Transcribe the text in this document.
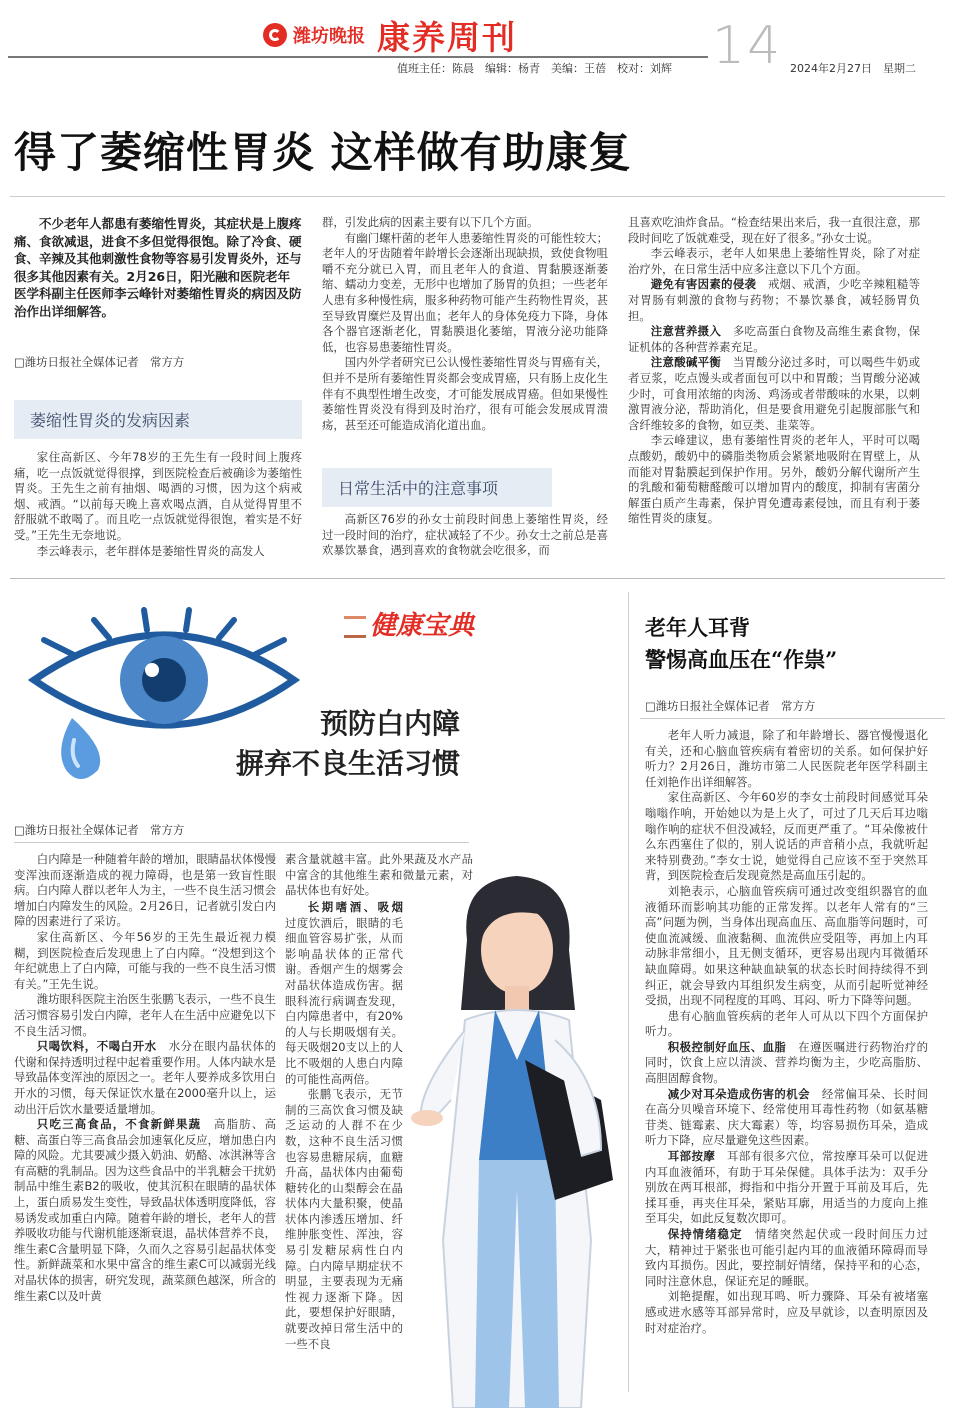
潍坊晚报 康养周刊	14
值班主任：陈晨　编辑：杨青　美编：王蓓　校对：刘辉	2024年2月27日　星期二
得了萎缩性胃炎 这样做有助康复

不少老年人都患有萎缩性胃炎，其症状是上腹疼痛、食欲减退，进食不多但觉得很饱。除了冷食、硬食、辛辣及其他刺激性食物等容易引发胃炎外，还与很多其他因素有关。2月26日，阳光融和医院老年医学科副主任医师李云峰针对萎缩性胃炎的病因及防治作出详细解答。

□潍坊日报社全媒体记者　常方方
萎缩性胃炎的发病因素

家住高新区、今年78岁的王先生有一段时间上腹疼痛，吃一点饭就觉得很撑，到医院检查后被确诊为萎缩性胃炎。王先生之前有抽烟、喝酒的习惯，因为这个病戒烟、戒酒。“以前每天晚上喜欢喝点酒，自从觉得胃里不舒服就不敢喝了。而且吃一点饭就觉得很饱，着实是不好受。”王先生无奈地说。

李云峰表示，老年群体是萎缩性胃炎的高发人

群，引发此病的因素主要有以下几个方面。

有幽门螺杆菌的老年人患萎缩性胃炎的可能性较大；老年人的牙齿随着年龄增长会逐渐出现缺损，致使食物咀嚼不充分就已入胃，而且老年人的食道、胃黏膜逐渐萎缩、蠕动力变差，无形中也增加了肠胃的负担；一些老年人患有多种慢性病，服多种药物可能产生药物性胃炎，甚至导致胃糜烂及胃出血；老年人的身体免疫力下降，身体各个器官逐渐老化，胃黏膜退化萎缩，胃液分泌功能降低，也容易患萎缩性胃炎。

国内外学者研究已公认慢性萎缩性胃炎与胃癌有关，但并不是所有萎缩性胃炎都会变成胃癌，只有肠上皮化生伴有不典型性增生改变，才可能发展成胃癌。但如果慢性萎缩性胃炎没有得到及时治疗，很有可能会发展成胃溃疡，甚至还可能造成消化道出血。

日常生活中的注意事项

高新区76岁的孙女士前段时间患上萎缩性胃炎，经过一段时间的治疗，症状减轻了不少。孙女士之前总是喜欢暴饮暴食，遇到喜欢的食物就会吃很多，而

且喜欢吃油炸食品。“检查结果出来后，我一直很注意，那段时间吃了饭就难受，现在好了很多。”孙女士说。

李云峰表示，老年人如果患上萎缩性胃炎，除了对症治疗外，在日常生活中应多注意以下几个方面。

避免有害因素的侵袭　 戒烟、戒酒，少吃辛辣粗糙等对胃肠有刺激的食物与药物；不暴饮暴食，减轻肠胃负担。

注意营养摄入　 多吃高蛋白食物及高维生素食物，保证机体的各种营养素充足。

注意酸碱平衡　 当胃酸分泌过多时，可以喝些牛奶或者豆浆，吃点馒头或者面包可以中和胃酸；当胃酸分泌减少时，可食用浓缩的肉汤、鸡汤或者带酸味的水果，以刺激胃液分泌，帮助消化，但是要食用避免引起腹部胀气和含纤维较多的食物，如豆类、韭菜等。

李云峰建议，患有萎缩性胃炎的老年人，平时可以喝点酸奶，酸奶中的磷脂类物质会紧紧地吸附在胃壁上，从而能对胃黏膜起到保护作用。另外，酸奶分解代谢所产生的乳酸和葡萄糖醛酸可以增加胃内的酸度，抑制有害菌分解蛋白质产生毒素，保护胃免遭毒素侵蚀，而且有利于萎缩性胃炎的康复。

健康宝典
预防白内障
摒弃不良生活习惯
□潍坊日报社全媒体记者　常方方

白内障是一种随着年龄的增加，眼睛晶状体慢慢变浑浊而逐渐造成的视力障碍，也是第一致盲性眼病。白内障人群以老年人为主，一些不良生活习惯会增加白内障发生的风险。2月26日，记者就引发白内障的因素进行了采访。

家住高新区、今年56岁的王先生最近视力模糊，到医院检查后发现患上了白内障。“没想到这个年纪就患上了白内障，可能与我的一些不良生活习惯有关。”王先生说。

潍坊眼科医院主治医生张鹏飞表示，一些不良生活习惯容易引发白内障，老年人在生活中应避免以下不良生活习惯。

只喝饮料，不喝白开水　 水分在眼内晶状体的代谢和保持透明过程中起着重要作用。人体内缺水是导致晶体变浑浊的原因之一。老年人要养成多饮用白开水的习惯，每天保证饮水量在2000毫升以上，运动出汗后饮水量要适量增加。

只吃三高食品，不食新鲜果蔬　 高脂肪、高糖、高蛋白等三高食品会加速氧化反应，增加患白内障的风险。尤其要减少摄入奶油、奶酪、冰淇淋等含有高糖的乳制品。因为这些食品中的半乳糖会干扰奶制品中维生素B2的吸收，使其沉积在眼睛的晶状体上，蛋白质易发生变性，导致晶状体透明度降低，容易诱发或加重白内障。随着年龄的增长，老年人的营养吸收功能与代谢机能逐渐衰退，晶状体营养不良，维生素C含量明显下降，久而久之容易引起晶状体变性。新鲜蔬菜和水果中富含的维生素C可以减弱光线对晶状体的损害，研究发现，蔬菜颜色越深，所含的维生素C以及叶黄

素含量就越丰富。此外果蔬及水产品中富含的其他维生素和微量元素，对晶状体也有好处。

长期嗜酒、吸烟　过度饮酒后，眼睛的毛细血管容易扩张，从而影响晶状体的正常代谢。香烟产生的烟雾会对晶状体造成伤害。据眼科流行病调查发现，白内障患者中，有20%的人与长期吸烟有关。每天吸烟20支以上的人比不吸烟的人患白内障的可能性高两倍。

张鹏飞表示，无节制的三高饮食习惯及缺乏运动的人群不在少数，这种不良生活习惯也容易患糖尿病，血糖升高，晶状体内由葡萄糖转化的山梨醇会在晶状体内大量积聚，使晶状体内渗透压增加、纤维肿胀变性、浑浊，容易引发糖尿病性白内障。白内障早期症状不明显，主要表现为无痛性视力逐渐下降。因此，要想保护好眼睛，就要改掉日常生活中的一些不良

老年人耳背
警惕高血压在“作祟”
□潍坊日报社全媒体记者　常方方

老年人听力减退，除了和年龄增长、器官慢慢退化有关，还和心脑血管疾病有着密切的关系。如何保护好听力？2月26日，潍坊市第二人民医院老年医学科副主任刘艳作出详细解答。

家住高新区、今年60岁的李女士前段时间感觉耳朵嗡嗡作响，开始她以为是上火了，可过了几天后耳边嗡嗡作响的症状不但没减轻，反而更严重了。“耳朵像被什么东西塞住了似的，别人说话的声音稍小点，我就听起来特别费劲。”李女士说，她觉得自己应该不至于突然耳背，到医院检查后发现竟然是高血压引起的。

刘艳表示，心脑血管疾病可通过改变组织器官的血液循环而影响其功能的正常发挥。以老年人常有的“三高”问题为例，当身体出现高血压、高血脂等问题时，可使血流减缓、血液黏稠、血流供应受阻等，再加上内耳动脉非常细小，且无侧支循环，更容易出现内耳微循环缺血障碍。如果这种缺血缺氧的状态长时间持续得不到纠正，就会导致内耳组织发生病变，从而引起听觉神经受损，出现不同程度的耳鸣、耳闷、听力下降等问题。

患有心脑血管疾病的老年人可从以下四个方面保护听力。

积极控制好血压、血脂　 在遵医嘱进行药物治疗的同时，饮食上应以清淡、营养均衡为主，少吃高脂肪、高胆固醇食物。

减少对耳朵造成伤害的机会　 经常偏耳朵、长时间在高分贝噪音环境下、经常使用耳毒性药物（如氨基糖苷类、链霉素、庆大霉素）等，均容易损伤耳朵，造成听力下降，应尽量避免这些因素。

耳部按摩　 耳部有很多穴位，常按摩耳朵可以促进内耳血液循环，有助于耳朵保健。具体手法为：双手分别放在两耳根部，拇指和中指分开置于耳前及耳后，先揉耳垂，再夹住耳朵，紧贴耳廓，用适当的力度向上推至耳尖，如此反复数次即可。

保持情绪稳定　 情绪突然起伏或一段时间压力过大，精神过于紧张也可能引起内耳的血液循环障碍而导致内耳损伤。因此，要控制好情绪，保持平和的心态，同时注意休息，保证充足的睡眠。

刘艳提醒，如出现耳鸣、听力骤降、耳朵有被堵塞感或进水感等耳部异常时，应及早就诊，以查明原因及时对症治疗。
